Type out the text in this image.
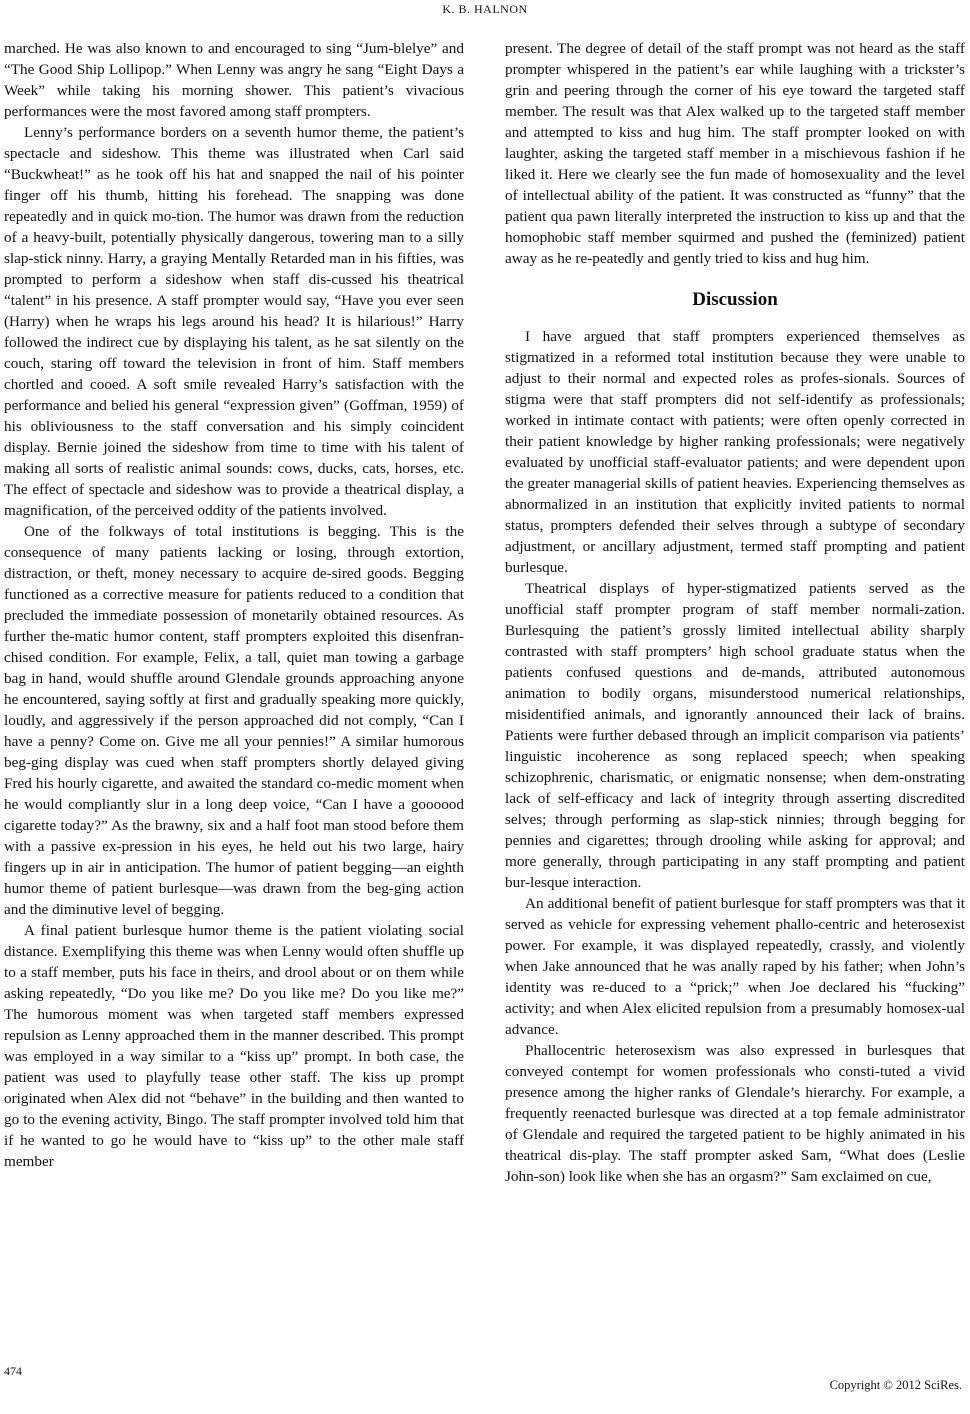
K. B. HALNON

marched. He was also known to and encouraged to sing “Jum-blelye” and “The Good Ship Lollipop.” When Lenny was angry he sang “Eight Days a Week” while taking his morning shower. This patient’s vivacious performances were the most favored among staff prompters.

Lenny’s performance borders on a seventh humor theme, the patient’s spectacle and sideshow. This theme was illustrated when Carl said “Buckwheat!” as he took off his hat and snapped the nail of his pointer finger off his thumb, hitting his forehead. The snapping was done repeatedly and in quick mo-tion. The humor was drawn from the reduction of a heavy-built, potentially physically dangerous, towering man to a silly slap-stick ninny. Harry, a graying Mentally Retarded man in his fifties, was prompted to perform a sideshow when staff dis-cussed his theatrical “talent” in his presence. A staff prompter would say, “Have you ever seen (Harry) when he wraps his legs around his head? It is hilarious!” Harry followed the indirect cue by displaying his talent, as he sat silently on the couch, staring off toward the television in front of him. Staff members chortled and cooed. A soft smile revealed Harry’s satisfaction with the performance and belied his general “expression given” (Goffman, 1959) of his obliviousness to the staff conversation and his simply coincident display. Bernie joined the sideshow from time to time with his talent of making all sorts of realistic animal sounds: cows, ducks, cats, horses, etc. The effect of spectacle and sideshow was to provide a theatrical display, a magnification, of the perceived oddity of the patients involved.

One of the folkways of total institutions is begging. This is the consequence of many patients lacking or losing, through extortion, distraction, or theft, money necessary to acquire de-sired goods. Begging functioned as a corrective measure for patients reduced to a condition that precluded the immediate possession of monetarily obtained resources. As further the-matic humor content, staff prompters exploited this disenfran-chised condition. For example, Felix, a tall, quiet man towing a garbage bag in hand, would shuffle around Glendale grounds approaching anyone he encountered, saying softly at first and gradually speaking more quickly, loudly, and aggressively if the person approached did not comply, “Can I have a penny? Come on. Give me all your pennies!” A similar humorous beg-ging display was cued when staff prompters shortly delayed giving Fred his hourly cigarette, and awaited the standard co-medic moment when he would compliantly slur in a long deep voice, “Can I have a goooood cigarette today?” As the brawny, six and a half foot man stood before them with a passive ex-pression in his eyes, he held out his two large, hairy fingers up in air in anticipation. The humor of patient begging—an eighth humor theme of patient burlesque—was drawn from the beg-ging action and the diminutive level of begging.

A final patient burlesque humor theme is the patient violating social distance. Exemplifying this theme was when Lenny would often shuffle up to a staff member, puts his face in theirs, and drool about or on them while asking repeatedly, “Do you like me? Do you like me? Do you like me?” The humorous moment was when targeted staff members expressed repulsion as Lenny approached them in the manner described. This prompt was employed in a way similar to a “kiss up” prompt. In both case, the patient was used to playfully tease other staff. The kiss up prompt originated when Alex did not “behave” in the building and then wanted to go to the evening activity, Bingo. The staff prompter involved told him that if he wanted to go he would have to “kiss up” to the other male staff member

present. The degree of detail of the staff prompt was not heard as the staff prompter whispered in the patient’s ear while laughing with a trickster’s grin and peering through the corner of his eye toward the targeted staff member. The result was that Alex walked up to the targeted staff member and attempted to kiss and hug him. The staff prompter looked on with laughter, asking the targeted staff member in a mischievous fashion if he liked it. Here we clearly see the fun made of homosexuality and the level of intellectual ability of the patient. It was constructed as “funny” that the patient qua pawn literally interpreted the instruction to kiss up and that the homophobic staff member squirmed and pushed the (feminized) patient away as he re-peatedly and gently tried to kiss and hug him.

Discussion

I have argued that staff prompters experienced themselves as stigmatized in a reformed total institution because they were unable to adjust to their normal and expected roles as profes-sionals. Sources of stigma were that staff prompters did not self-identify as professionals; worked in intimate contact with patients; were often openly corrected in their patient knowledge by higher ranking professionals; were negatively evaluated by unofficial staff-evaluator patients; and were dependent upon the greater managerial skills of patient heavies. Experiencing themselves as abnormalized in an institution that explicitly invited patients to normal status, prompters defended their selves through a subtype of secondary adjustment, or ancillary adjustment, termed staff prompting and patient burlesque.

Theatrical displays of hyper-stigmatized patients served as the unofficial staff prompter program of staff member normali-zation. Burlesquing the patient’s grossly limited intellectual ability sharply contrasted with staff prompters’ high school graduate status when the patients confused questions and de-mands, attributed autonomous animation to bodily organs, misunderstood numerical relationships, misidentified animals, and ignorantly announced their lack of brains. Patients were further debased through an implicit comparison via patients’ linguistic incoherence as song replaced speech; when speaking schizophrenic, charismatic, or enigmatic nonsense; when dem-onstrating lack of self-efficacy and lack of integrity through asserting discredited selves; through performing as slap-stick ninnies; through begging for pennies and cigarettes; through drooling while asking for approval; and more generally, through participating in any staff prompting and patient bur-lesque interaction.

An additional benefit of patient burlesque for staff prompters was that it served as vehicle for expressing vehement phallo-centric and heterosexist power. For example, it was displayed repeatedly, crassly, and violently when Jake announced that he was anally raped by his father; when John’s identity was re-duced to a “prick;” when Joe declared his “fucking” activity; and when Alex elicited repulsion from a presumably homosex-ual advance.

Phallocentric heterosexism was also expressed in burlesques that conveyed contempt for women professionals who consti-tuted a vivid presence among the higher ranks of Glendale’s hierarchy. For example, a frequently reenacted burlesque was directed at a top female administrator of Glendale and required the targeted patient to be highly animated in his theatrical dis-play. The staff prompter asked Sam, “What does (Leslie John-son) look like when she has an orgasm?” Sam exclaimed on cue,

474
Copyright © 2012 SciRes.
